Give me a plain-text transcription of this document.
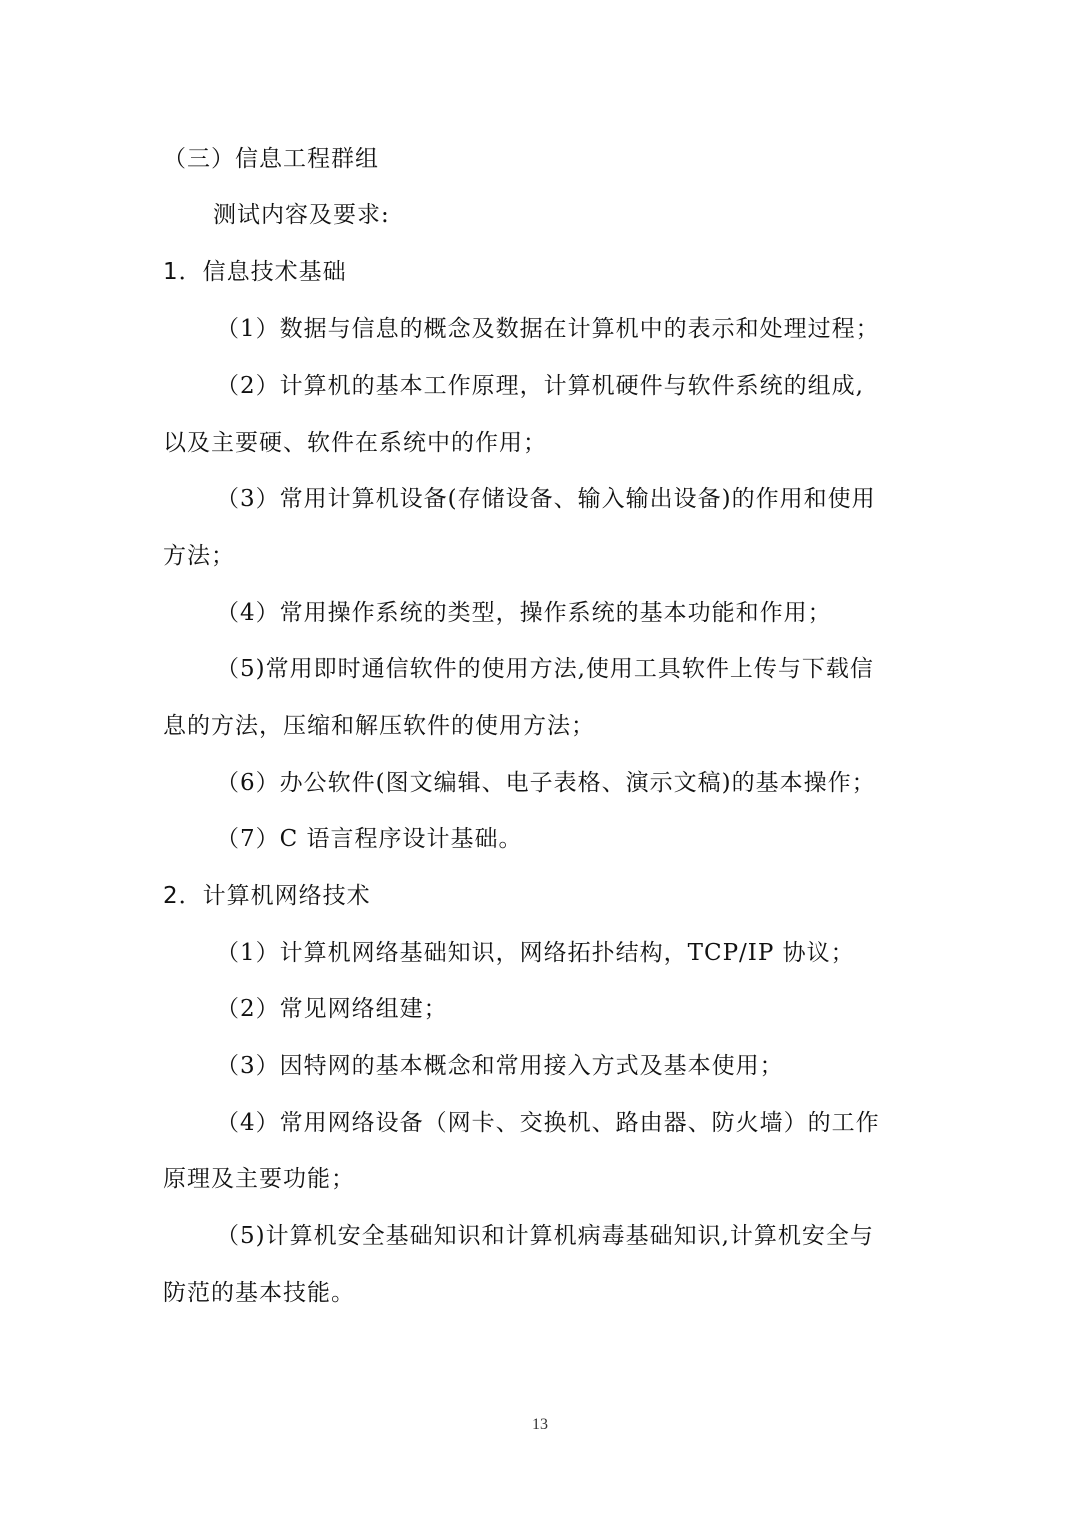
（三）信息工程群组

测试内容及要求:

1．信息技术基础

（1）数据与信息的概念及数据在计算机中的表示和处理过程；

（2）计算机的基本工作原理，计算机硬件与软件系统的组成,

以及主要硬、软件在系统中的作用；

（3）常用计算机设备(存储设备、输入输出设备)的作用和使用

方法；

（4）常用操作系统的类型，操作系统的基本功能和作用；

（5)常用即时通信软件的使用方法,使用工具软件上传与下载信

息的方法，压缩和解压软件的使用方法；

（6）办公软件(图文编辑、电子表格、演示文稿)的基本操作；

（7）C 语言程序设计基础。

2．计算机网络技术

（1）计算机网络基础知识，网络拓扑结构，TCP/IP 协议；

（2）常见网络组建；

（3）因特网的基本概念和常用接入方式及基本使用；

（4）常用网络设备（网卡、交换机、路由器、防火墙）的工作

原理及主要功能；

（5)计算机安全基础知识和计算机病毒基础知识,计算机安全与

防范的基本技能。

13
